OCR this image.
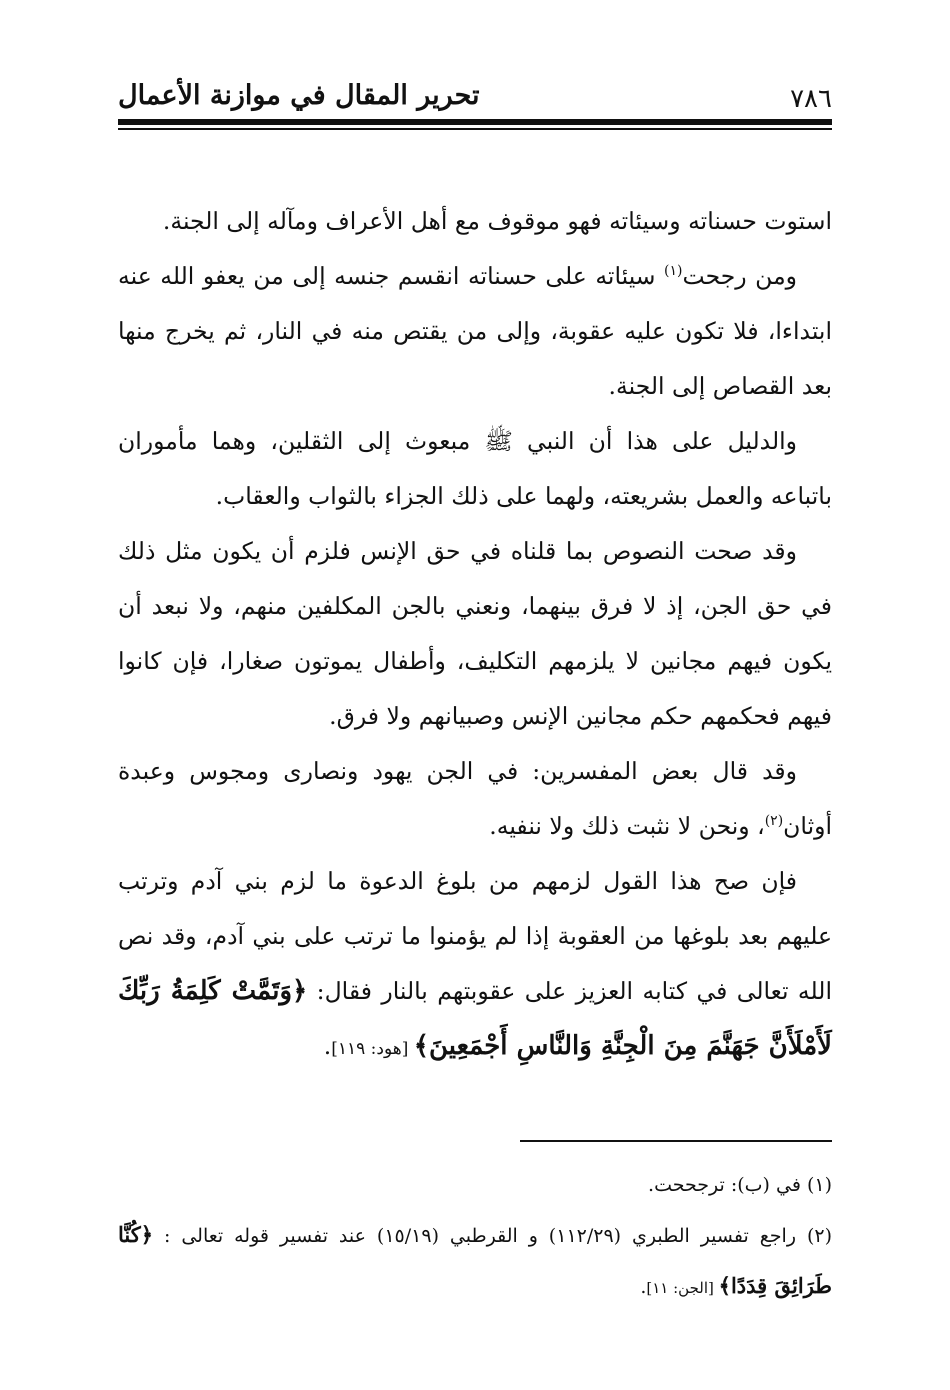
٧٨٦
تحرير المقال في موازنة الأعمال

استوت حسناته وسيئاته فهو موقوف مع أهل الأعراف ومآله إلى الجنة.

ومن رجحت$^{(١)}$ سيئاته على حسناته انقسم جنسه إلى من يعفو الله عنه ابتداءا، فلا تكون عليه عقوبة، وإلى من يقتص منه في النار، ثم يخرج منها بعد القصاص إلى الجنة.

والدليل على هذا أن النبي ﷺ مبعوث إلى الثقلين، وهما مأموران باتباعه والعمل بشريعته، ولهما على ذلك الجزاء بالثواب والعقاب.

وقد صحت النصوص بما قلناه في حق الإنس فلزم أن يكون مثل ذلك في حق الجن، إذ لا فرق بينهما، ونعني بالجن المكلفين منهم، ولا نبعد أن يكون فيهم مجانين لا يلزمهم التكليف، وأطفال يموتون صغارا، فإن كانوا فيهم فحكمهم حكم مجانين الإنس وصبيانهم ولا فرق.

وقد قال بعض المفسرين: في الجن يهود ونصارى ومجوس وعبدة أوثان$^{(٢)}$، ونحن لا نثبت ذلك ولا ننفيه.

فإن صح هذا القول لزمهم من بلوغ الدعوة ما لزم بني آدم وترتب عليهم بعد بلوغها من العقوبة إذا لم يؤمنوا ما ترتب على بني آدم، وقد نص الله تعالى في كتابه العزيز على عقوبتهم بالنار فقال: ﴿وَتَمَّتْ كَلِمَةُ رَبِّكَ لَأَمْلَأَنَّ جَهَنَّمَ مِنَ الْجِنَّةِ وَالنَّاسِ أَجْمَعِينَ﴾ [هود: ١١٩].

(١) في (ب): ترجححت.

(٢) راجع تفسير الطبري (١١٢/٢٩) و القرطبي (١٥/١٩) عند تفسير قوله تعالى : ﴿كُنَّا طَرَائِقَ قِدَدًا﴾ [الجن: ١١].
